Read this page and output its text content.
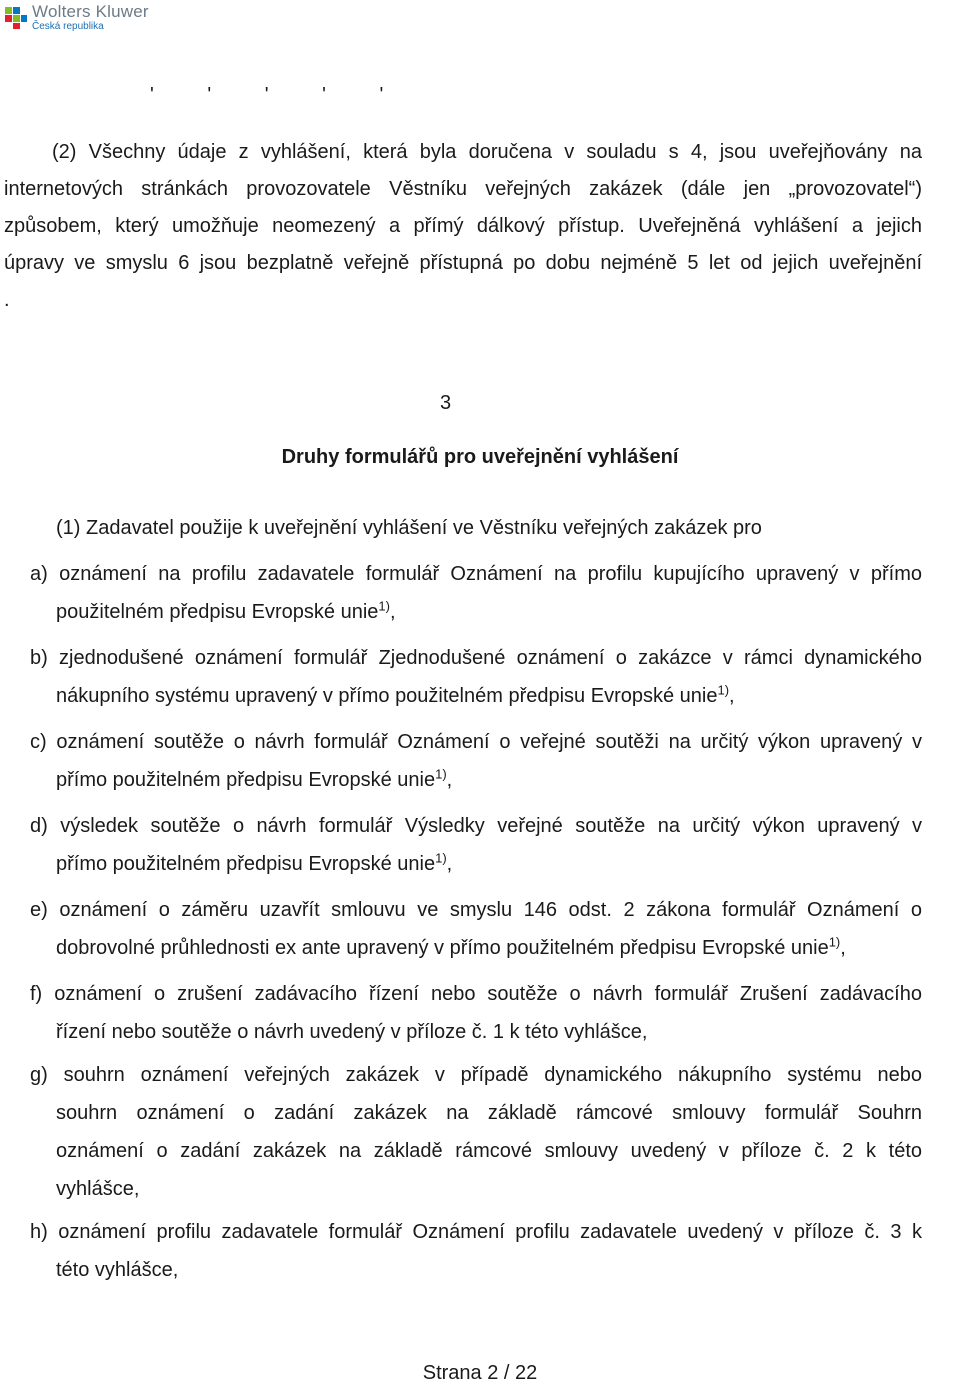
Wolters Kluwer
Česká republika
' ' ' ' '
(2) Všechny údaje z vyhlášení, která byla doručena v souladu s 4, jsou uveřejňovány na
internetových stránkách provozovatele Věstníku veřejných zakázek (dále jen „provozovatel“)
způsobem, který umožňuje neomezený a přímý dálkový přístup. Uveřejněná vyhlášení a jejich
úpravy ve smyslu 6 jsou bezplatně veřejně přístupná po dobu nejméně 5 let od jejich uveřejnění
.
3
Druhy formulářů pro uveřejnění vyhlášení
(1) Zadavatel použije k uveřejnění vyhlášení ve Věstníku veřejných zakázek pro
a) oznámení na profilu zadavatele formulář Oznámení na profilu kupujícího upravený v přímo
použitelném předpisu Evropské unie$^{1)}$,
b) zjednodušené oznámení formulář Zjednodušené oznámení o zakázce v rámci dynamického
nákupního systému upravený v přímo použitelném předpisu Evropské unie$^{1)}$,
c) oznámení soutěže o návrh formulář Oznámení o veřejné soutěži na určitý výkon upravený v
přímo použitelném předpisu Evropské unie$^{1)}$,
d) výsledek soutěže o návrh formulář Výsledky veřejné soutěže na určitý výkon upravený v
přímo použitelném předpisu Evropské unie$^{1)}$,
e) oznámení o záměru uzavřít smlouvu ve smyslu 146 odst. 2 zákona formulář Oznámení o
dobrovolné průhlednosti ex ante upravený v přímo použitelném předpisu Evropské unie$^{1)}$,
f) oznámení o zrušení zadávacího řízení nebo soutěže o návrh formulář Zrušení zadávacího
řízení nebo soutěže o návrh uvedený v příloze č. 1 k této vyhlášce,
g) souhrn oznámení veřejných zakázek v případě dynamického nákupního systému nebo
souhrn oznámení o zadání zakázek na základě rámcové smlouvy formulář Souhrn
oznámení o zadání zakázek na základě rámcové smlouvy uvedený v příloze č. 2 k této
vyhlášce,
h) oznámení profilu zadavatele formulář Oznámení profilu zadavatele uvedený v příloze č. 3 k
této vyhlášce,
Strana 2 / 22
